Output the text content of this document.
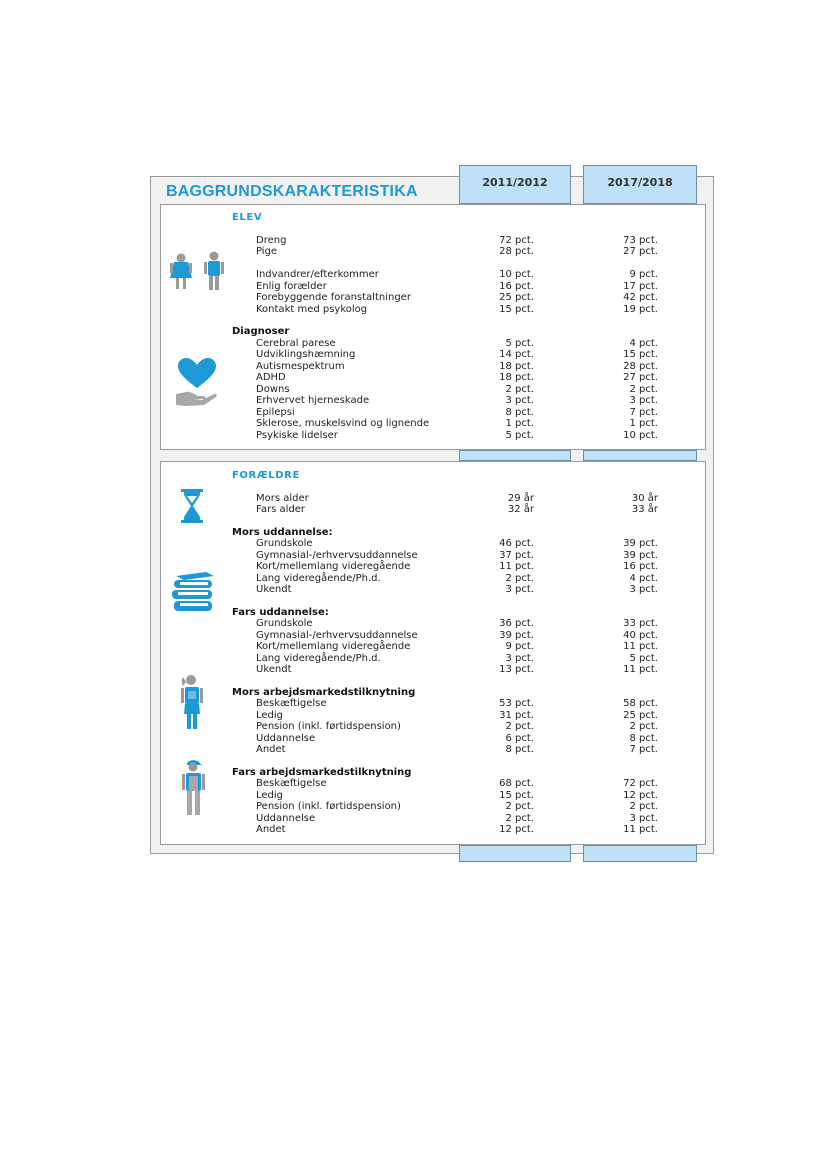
2011/2012	2017/2018
BAGGRUNDSKARAKTERISTIKA
ELEV
Dreng	72 pct.	73 pct.
Pige	28 pct.	27 pct.
Indvandrer/efterkommer	10 pct.	9 pct.
Enlig forælder	16 pct.	17 pct.
Forebyggende foranstaltninger	25 pct.	42 pct.
Kontakt med psykolog	15 pct.	19 pct.
Diagnoser
Cerebral parese	5 pct.	4 pct.
Udviklingshæmning	14 pct.	15 pct.
Autismespektrum	18 pct.	28 pct.
ADHD	18 pct.	27 pct.
Downs	2 pct.	2 pct.
Erhvervet hjerneskade	3 pct.	3 pct.
Epilepsi	8 pct.	7 pct.
Sklerose, muskelsvind og lignende	1 pct.	1 pct.
Psykiske lidelser	5 pct.	10 pct.
FORÆLDRE
Mors alder	29 år	30 år
Fars alder	32 år	33 år
Mors uddannelse:
Grundskole	46 pct.	39 pct.
Gymnasial-/erhvervsuddannelse	37 pct.	39 pct.
Kort/mellemlang videregående	11 pct.	16 pct.
Lang videregående/Ph.d.	2 pct.	4 pct.
Ukendt	3 pct.	3 pct.
Fars uddannelse:
Grundskole	36 pct.	33 pct.
Gymnasial-/erhvervsuddannelse	39 pct.	40 pct.
Kort/mellemlang videregående	9 pct.	11 pct.
Lang videregående/Ph.d.	3 pct.	5 pct.
Ukendt	13 pct.	11 pct.
Mors arbejdsmarkedstilknytning
Beskæftigelse	53 pct.	58 pct.
Ledig	31 pct.	25 pct.
Pension (inkl. førtidspension)	2 pct.	2 pct.
Uddannelse	6 pct.	8 pct.
Andet	8 pct.	7 pct.
Fars arbejdsmarkedstilknytning
Beskæftigelse	68 pct.	72 pct.
Ledig	15 pct.	12 pct.
Pension (inkl. førtidspension)	2 pct.	2 pct.
Uddannelse	2 pct.	3 pct.
Andet	12 pct.	11 pct.
